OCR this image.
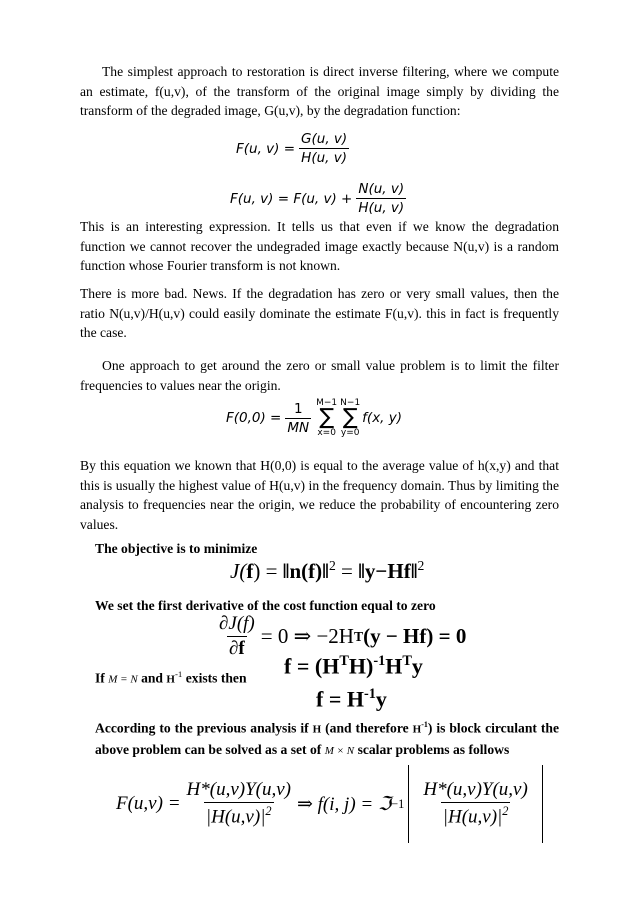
The simplest approach to restoration is direct inverse filtering, where we compute an estimate, f(u,v), of the transform of the original image simply by dividing the transform of the degraded image, G(u,v), by the degradation function:

F(u, $v) = \frac{G(u, v)}{H(u, v)}$
F(u, v) = F(u, $v) + \frac{N(u, v)}{H(u, v)}$

This is an interesting expression. It tells us that even if we know the degradation function we cannot recover the undegraded image exactly because N(u,v) is a random function whose Fourier transform is not known.

There is more bad. News. If the degradation has zero or very small values, then the ratio N(u,v)/H(u,v) could easily dominate the estimate F(u,v). this in fact is frequently the case.

One approach to get around the zero or small value problem is to limit the filter frequencies to values near the origin.

$F(0,0) = \frac{1}{MN} M-1$
∑
x=0
N−1
∑
y=0
f(x, y)

By this equation we known that H(0,0) is equal to the average value of h(x,y) and that this is usually the highest value of H(u,v) in the frequency domain. Thus by limiting the analysis to frequencies near the origin, we reduce the probability of encountering zero values.

The objective is to minimize
J(f) = ‖n(f)‖$^2$ = ‖y−Hf‖$^2$
We set the first derivative of the cost function equal to zero
$\frac{\partial J(f)}{\partial f} = 0$ ⇒ −2H T (y − Hf) = 0
If M = N and $H^{-1}$ exists then $f = (H^TH)^{-1}H^Ty$
$f = H^{-1}y$

According to the previous analysis if H (and therefore $H^{-1}$) is block circulant the above problem can be solved as a set of M × N scalar problems as follows

$F(u,v) = \frac{H*(u,v)Y(u,v)}{|H(u,v)|^2}$ ⇒ f(i, j) = ℑ $-1 \frac{H*(u,v)Y(u,v)}{|H(u,v)|^2}$
